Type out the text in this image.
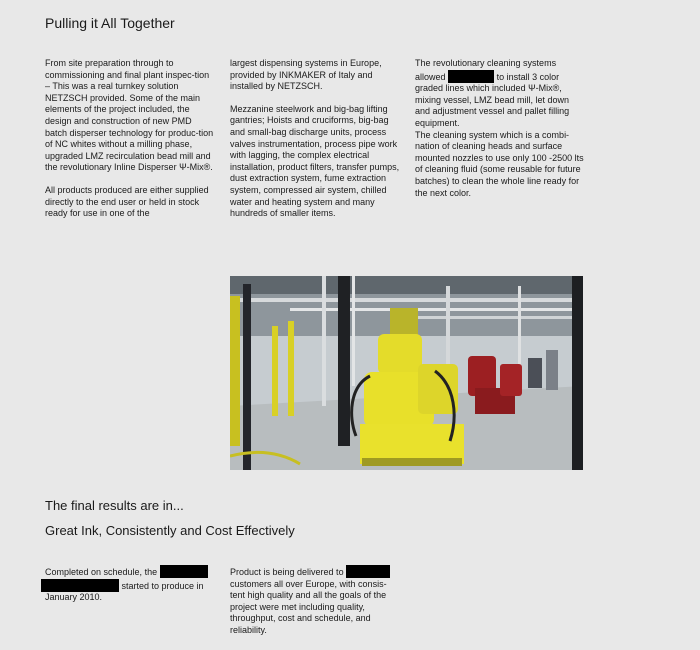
Pulling it All Together

From site preparation through to commissioning and final plant inspec-tion – This was a real turnkey solution NETZSCH provided. Some of the main elements of the project included, the design and construction of new PMD batch disperser technology for produc-tion of NC whites without a milling phase, upgraded LMZ recirculation bead mill and the revolutionary Inline Disperser Ψ-Mix®.

All products produced are either supplied directly to the end user or held in stock ready for use in one of the

largest dispensing systems in Europe, provided by INKMAKER of Italy and installed by NETZSCH.

Mezzanine steelwork and big-bag lifting gantries; Hoists and cruciforms, big-bag and small-bag discharge units, process valves instrumentation, process pipe work with lagging, the complex electrical installation, product filters, transfer pumps, dust extraction system, fume extraction system, compressed air system, chilled water and heating system and many hundreds of smaller items.

The revolutionary cleaning systems allowed	to install 3 color graded lines which included Ψ-Mix®, mixing vessel, LMZ bead mill, let down and adjustment vessel and pallet filling equipment.

The cleaning system which is a combi-nation of cleaning heads and surface mounted nozzles to use only 100 -2500 lts of cleaning fluid (some reusable for future batches) to clean the whole line ready for the next color.

The final results are in...
Great Ink, Consistently and Cost Effectively

Completed on schedule, the   started to produce in January 2010.

Product is being delivered to  customers all over Europe, with consis-tent high quality and all the goals of the project were met including quality, throughput, cost and schedule, and reliability.
